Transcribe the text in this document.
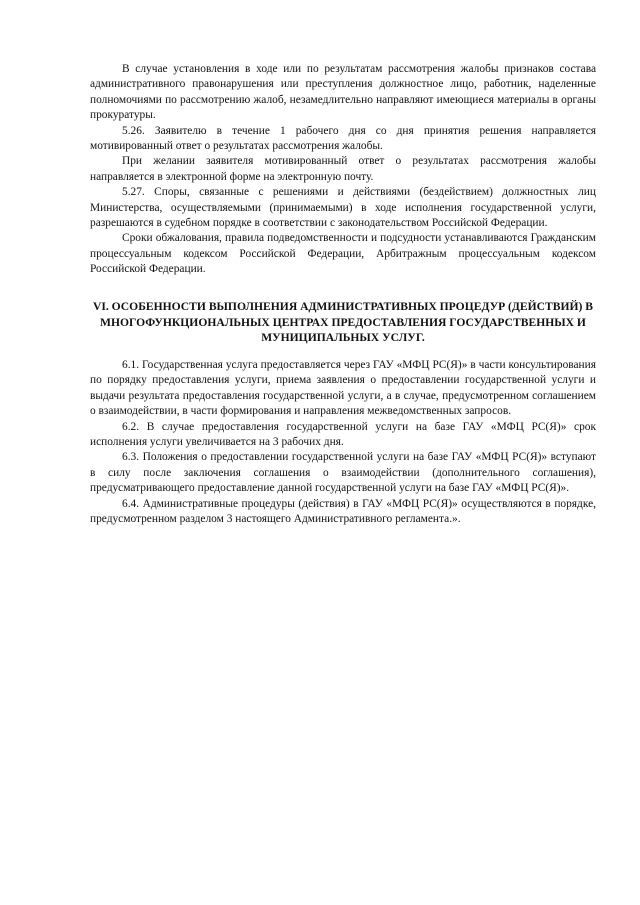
В случае установления в ходе или по результатам рассмотрения жалобы признаков состава административного правонарушения или преступления должностное лицо, работник, наделенные полномочиями по рассмотрению жалоб, незамедлительно направляют имеющиеся материалы в органы прокуратуры.

5.26. Заявителю в течение 1 рабочего дня со дня принятия решения направляется мотивированный ответ о результатах рассмотрения жалобы.

При желании заявителя мотивированный ответ о результатах рассмотрения жалобы направляется в электронной форме на электронную почту.

5.27. Споры, связанные с решениями и действиями (бездействием) должностных лиц Министерства, осуществляемыми (принимаемыми) в ходе исполнения государственной услуги, разрешаются в судебном порядке в соответствии с законодательством Российской Федерации.

Сроки обжалования, правила подведомственности и подсудности устанавливаются Гражданским процессуальным кодексом Российской Федерации, Арбитражным процессуальным кодексом Российской Федерации.

VI. ОСОБЕННОСТИ ВЫПОЛНЕНИЯ АДМИНИСТРАТИВНЫХ ПРОЦЕДУР (ДЕЙСТВИЙ) В МНОГОФУНКЦИОНАЛЬНЫХ ЦЕНТРАХ ПРЕДОСТАВЛЕНИЯ ГОСУДАРСТВЕННЫХ И МУНИЦИПАЛЬНЫХ УСЛУГ.

6.1. Государственная услуга предоставляется через ГАУ «МФЦ РС(Я)» в части консультирования по порядку предоставления услуги, приема заявления о предоставлении государственной услуги и выдачи результата предоставления государственной услуги, а в случае, предусмотренном соглашением о взаимодействии, в части формирования и направления межведомственных запросов.

6.2. В случае предоставления государственной услуги на базе ГАУ «МФЦ РС(Я)» срок исполнения услуги увеличивается на 3 рабочих дня.

6.3. Положения о предоставлении государственной услуги на базе ГАУ «МФЦ РС(Я)» вступают в силу после заключения соглашения о взаимодействии (дополнительного соглашения), предусматривающего предоставление данной государственной услуги на базе ГАУ «МФЦ РС(Я)».

6.4. Административные процедуры (действия) в ГАУ «МФЦ РС(Я)» осуществляются в порядке, предусмотренном разделом 3 настоящего Административного регламента.».
